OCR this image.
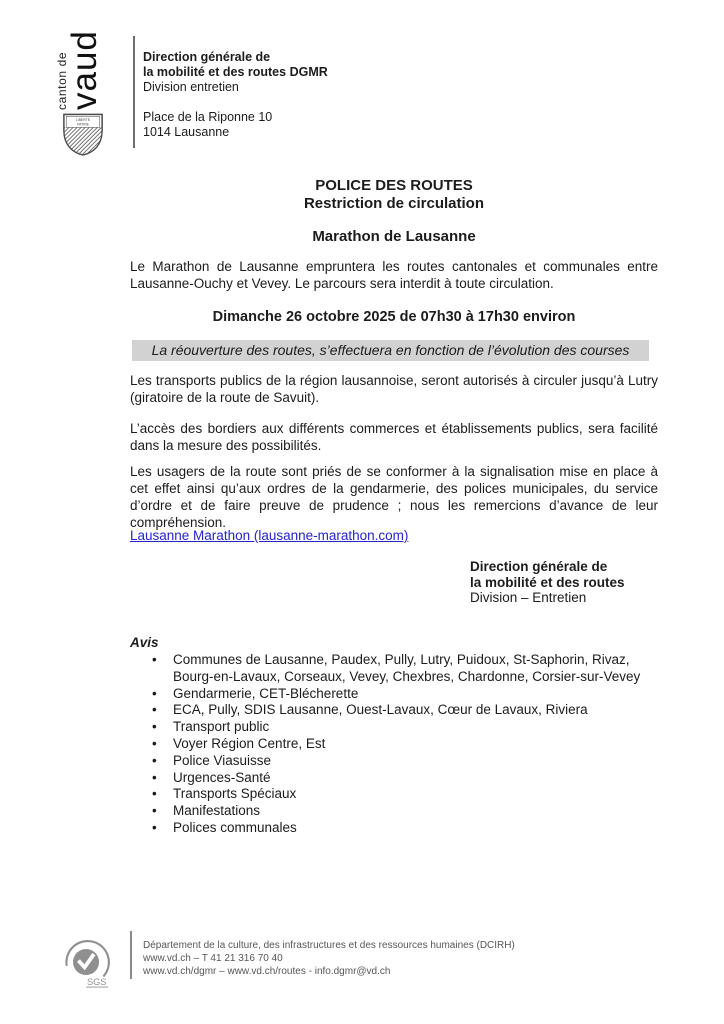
canton de
vaud
LIBERTÉ
PATRIE
Direction générale de
la mobilité et des routes DGMR
Division entretien
Place de la Riponne 10
1014 Lausanne
POLICE DES ROUTES
Restriction de circulation
Marathon de Lausanne
Le Marathon de Lausanne empruntera les routes cantonales et communales entre Lausanne-Ouchy et Vevey. Le parcours sera interdit à toute circulation.
Dimanche 26 octobre 2025 de 07h30 à 17h30 environ
La réouverture des routes, s’effectuera en fonction de l’évolution des courses
Les transports publics de la région lausannoise, seront autorisés à circuler jusqu’à Lutry (giratoire de la route de Savuit).
L’accès des bordiers aux différents commerces et établissements publics, sera facilité dans la mesure des possibilités.
Les usagers de la route sont priés de se conformer à la signalisation mise en place à cet effet ainsi qu’aux ordres de la gendarmerie, des polices municipales, du service d’ordre et de faire preuve de prudence ; nous les remercions d’avance de leur compréhension.
Lausanne Marathon (lausanne-marathon.com)
Direction générale de
la mobilité et des routes
Division – Entretien
Avis
•	Communes de Lausanne, Paudex, Pully, Lutry, Puidoux, St-Saphorin, Rivaz, Bourg-en-Lavaux, Corseaux, Vevey, Chexbres, Chardonne, Corsier-sur-Vevey
•	Gendarmerie, CET-Blécherette
•	ECA, Pully, SDIS Lausanne, Ouest-Lavaux, Cœur de Lavaux, Riviera
•	Transport public
•	Voyer Région Centre, Est
•	Police Viasuisse
•	Urgences-Santé
•	Transports Spéciaux
•	Manifestations
•	Polices communales
SGS
Département de la culture, des infrastructures et des ressources humaines (DCIRH)
www.vd.ch – T 41 21 316 70 40
www.vd.ch/dgmr – www.vd.ch/routes - info.dgmr@vd.ch
